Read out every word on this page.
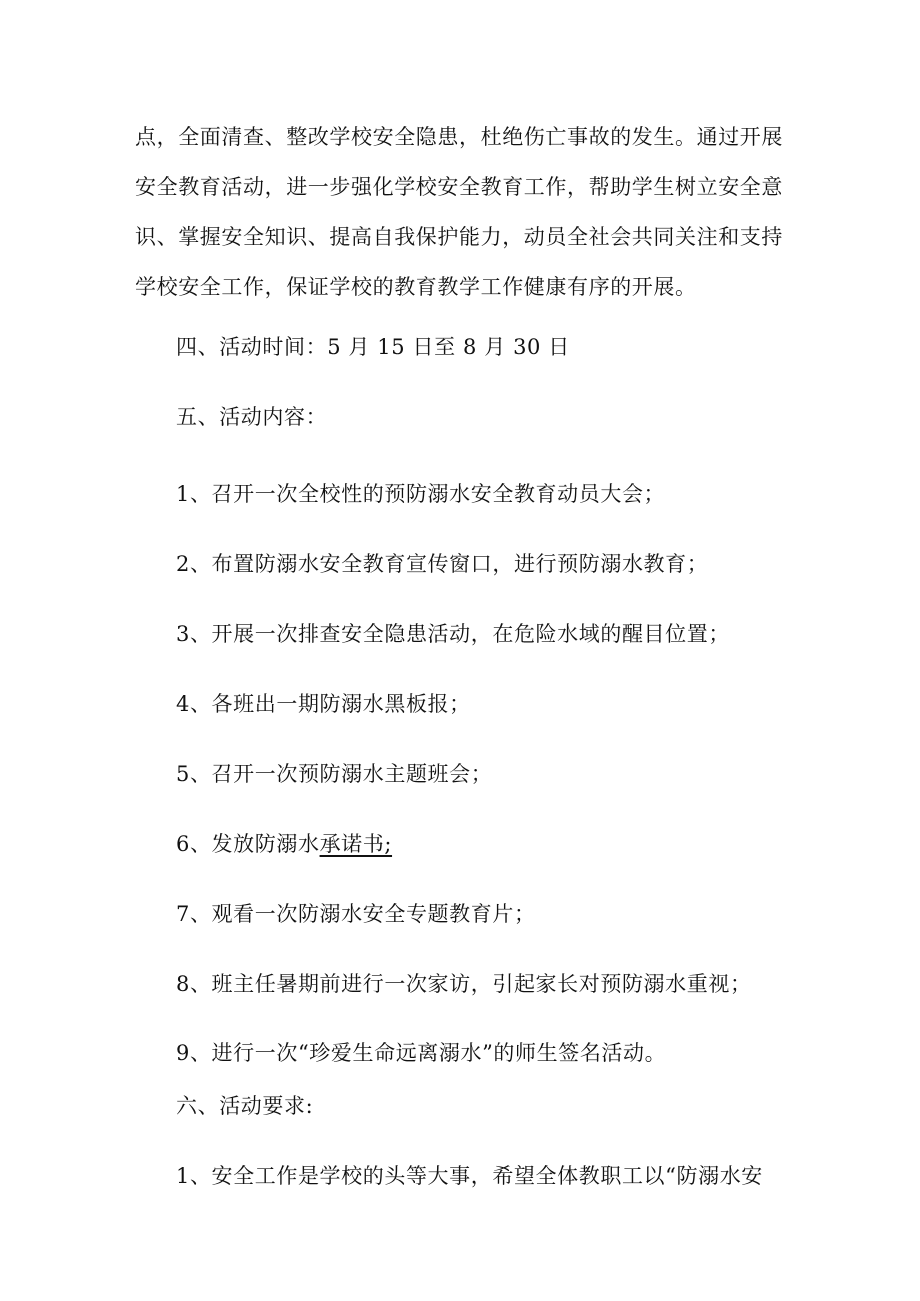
点，全面清查、整改学校安全隐患，杜绝伤亡事故的发生。通过开展
安全教育活动，进一步强化学校安全教育工作，帮助学生树立安全意
识、掌握安全知识、提高自我保护能力，动员全社会共同关注和支持
学校安全工作，保证学校的教育教学工作健康有序的开展。

四、活动时间：5 月 15 日至 8 月 30 日

五、活动内容：

1、召开一次全校性的预防溺水安全教育动员大会；

2、布置防溺水安全教育宣传窗口，进行预防溺水教育；

3、开展一次排查安全隐患活动，在危险水域的醒目位置；

4、各班出一期防溺水黑板报；

5、召开一次预防溺水主题班会；

6、发放防溺水承诺书;

7、观看一次防溺水安全专题教育片；

8、班主任暑期前进行一次家访，引起家长对预防溺水重视；

9、进行一次“珍爱生命远离溺水”的师生签名活动。

六、活动要求:

1、安全工作是学校的头等大事，希望全体教职工以“防溺水安
